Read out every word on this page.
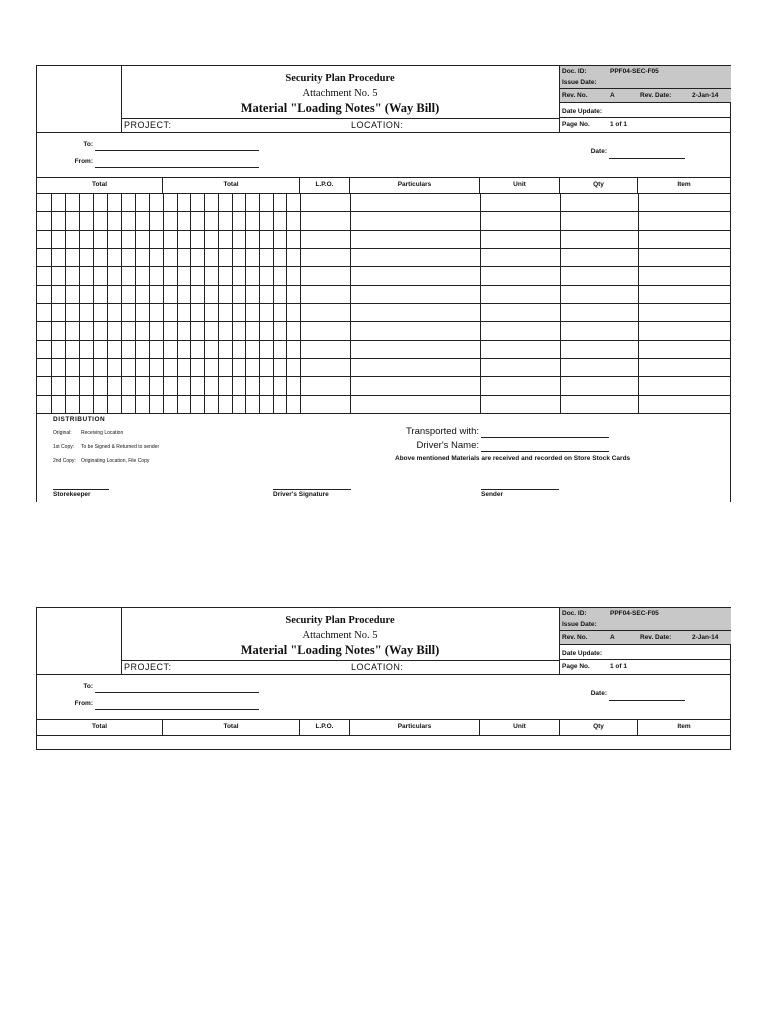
Security Plan Procedure
Attachment No. 5
Material "Loading Notes" (Way Bill)
PROJECT:	LOCATION:
Doc. ID:	PPF04-SEC-F05
Issue Date:
Rev. No.	A	Rev. Date:	2-Jan-14
Date Update:
Page No.	1 of 1
To:
From:
Date:
Total	Total	L.P.O.	Particulars	Unit	Qty	Item
DISTRIBUTION
Original: Receiving Location
1st Copy: To be Signed & Returned to sender
2nd Copy: Originating Location, File Copy
Transported with:
Driver's Name:
Above mentioned Materials are received and recorded on Store Stock Cards
Storekeeper	Driver's Signature	Sender
Security Plan Procedure
Attachment No. 5
Material "Loading Notes" (Way Bill)
PROJECT:	LOCATION:
Doc. ID:	PPF04-SEC-F05
Issue Date:
Rev. No.	A	Rev. Date:	2-Jan-14
Date Update:
Page No.	1 of 1
To:
From:
Date:
Total	Total	L.P.O.	Particulars	Unit	Qty	Item
